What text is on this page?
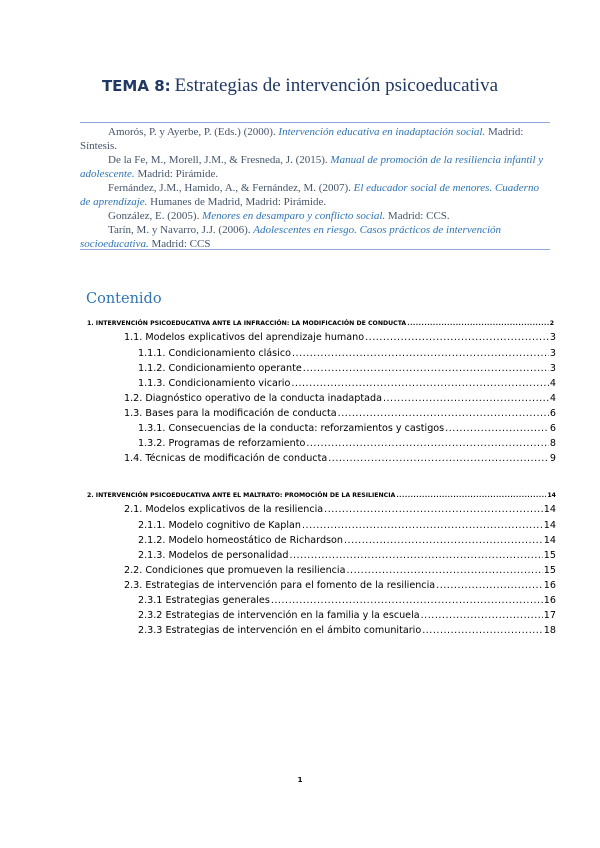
TEMA 8: Estrategias de intervención psicoeducativa

Amorós, P. y Ayerbe, P. (Eds.) (2000). Intervención educativa en inadaptación social. Madrid: Síntesis.

De la Fe, M., Morell, J.M., & Fresneda, J. (2015). Manual de promoción de la resiliencia infantil y adolescente. Madrid: Pirámide.

Fernández, J.M., Hamido, A., & Fernández, M. (2007). El educador social de menores. Cuaderno de aprendizaje. Humanes de Madrid, Madrid: Pirámide.

González, E. (2005). Menores en desamparo y conflicto social. Madrid: CCS.

Tarín, M. y Navarro, J.J. (2006). Adolescentes en riesgo. Casos prácticos de intervención socioeducativa. Madrid: CCS

Contenido
1. INTERVENCIÓN PSICOEDUCATIVA ANTE LA INFRACCIÓN: LA MODIFICACIÓN DE CONDUCTA .....	2
1.1. Modelos explicativos del aprendizaje humano .....	3
1.1.1. Condicionamiento clásico .....	3
1.1.2. Condicionamiento operante .....	3
1.1.3. Condicionamiento vicario .....	4
1.2. Diagnóstico operativo de la conducta inadaptada .....	4
1.3. Bases para la modificación de conducta .....	6
1.3.1. Consecuencias de la conducta: reforzamientos y castigos .....	6
1.3.2. Programas de reforzamiento .....	8
1.4. Técnicas de modificación de conducta .....	9
2. INTERVENCIÓN PSICOEDUCATIVA ANTE EL MALTRATO: PROMOCIÓN DE LA RESILIENCIA .....	14
2.1. Modelos explicativos de la resiliencia .....	14
2.1.1. Modelo cognitivo de Kaplan .....	14
2.1.2. Modelo homeostático de Richardson .....	14
2.1.3. Modelos de personalidad .....	15
2.2. Condiciones que promueven la resiliencia .....	15
2.3. Estrategias de intervención para el fomento de la resiliencia .....	16
2.3.1 Estrategias generales .....	16
2.3.2 Estrategias de intervención en la familia y la escuela .....	17
2.3.3 Estrategias de intervención en el ámbito comunitario .....	18
1
